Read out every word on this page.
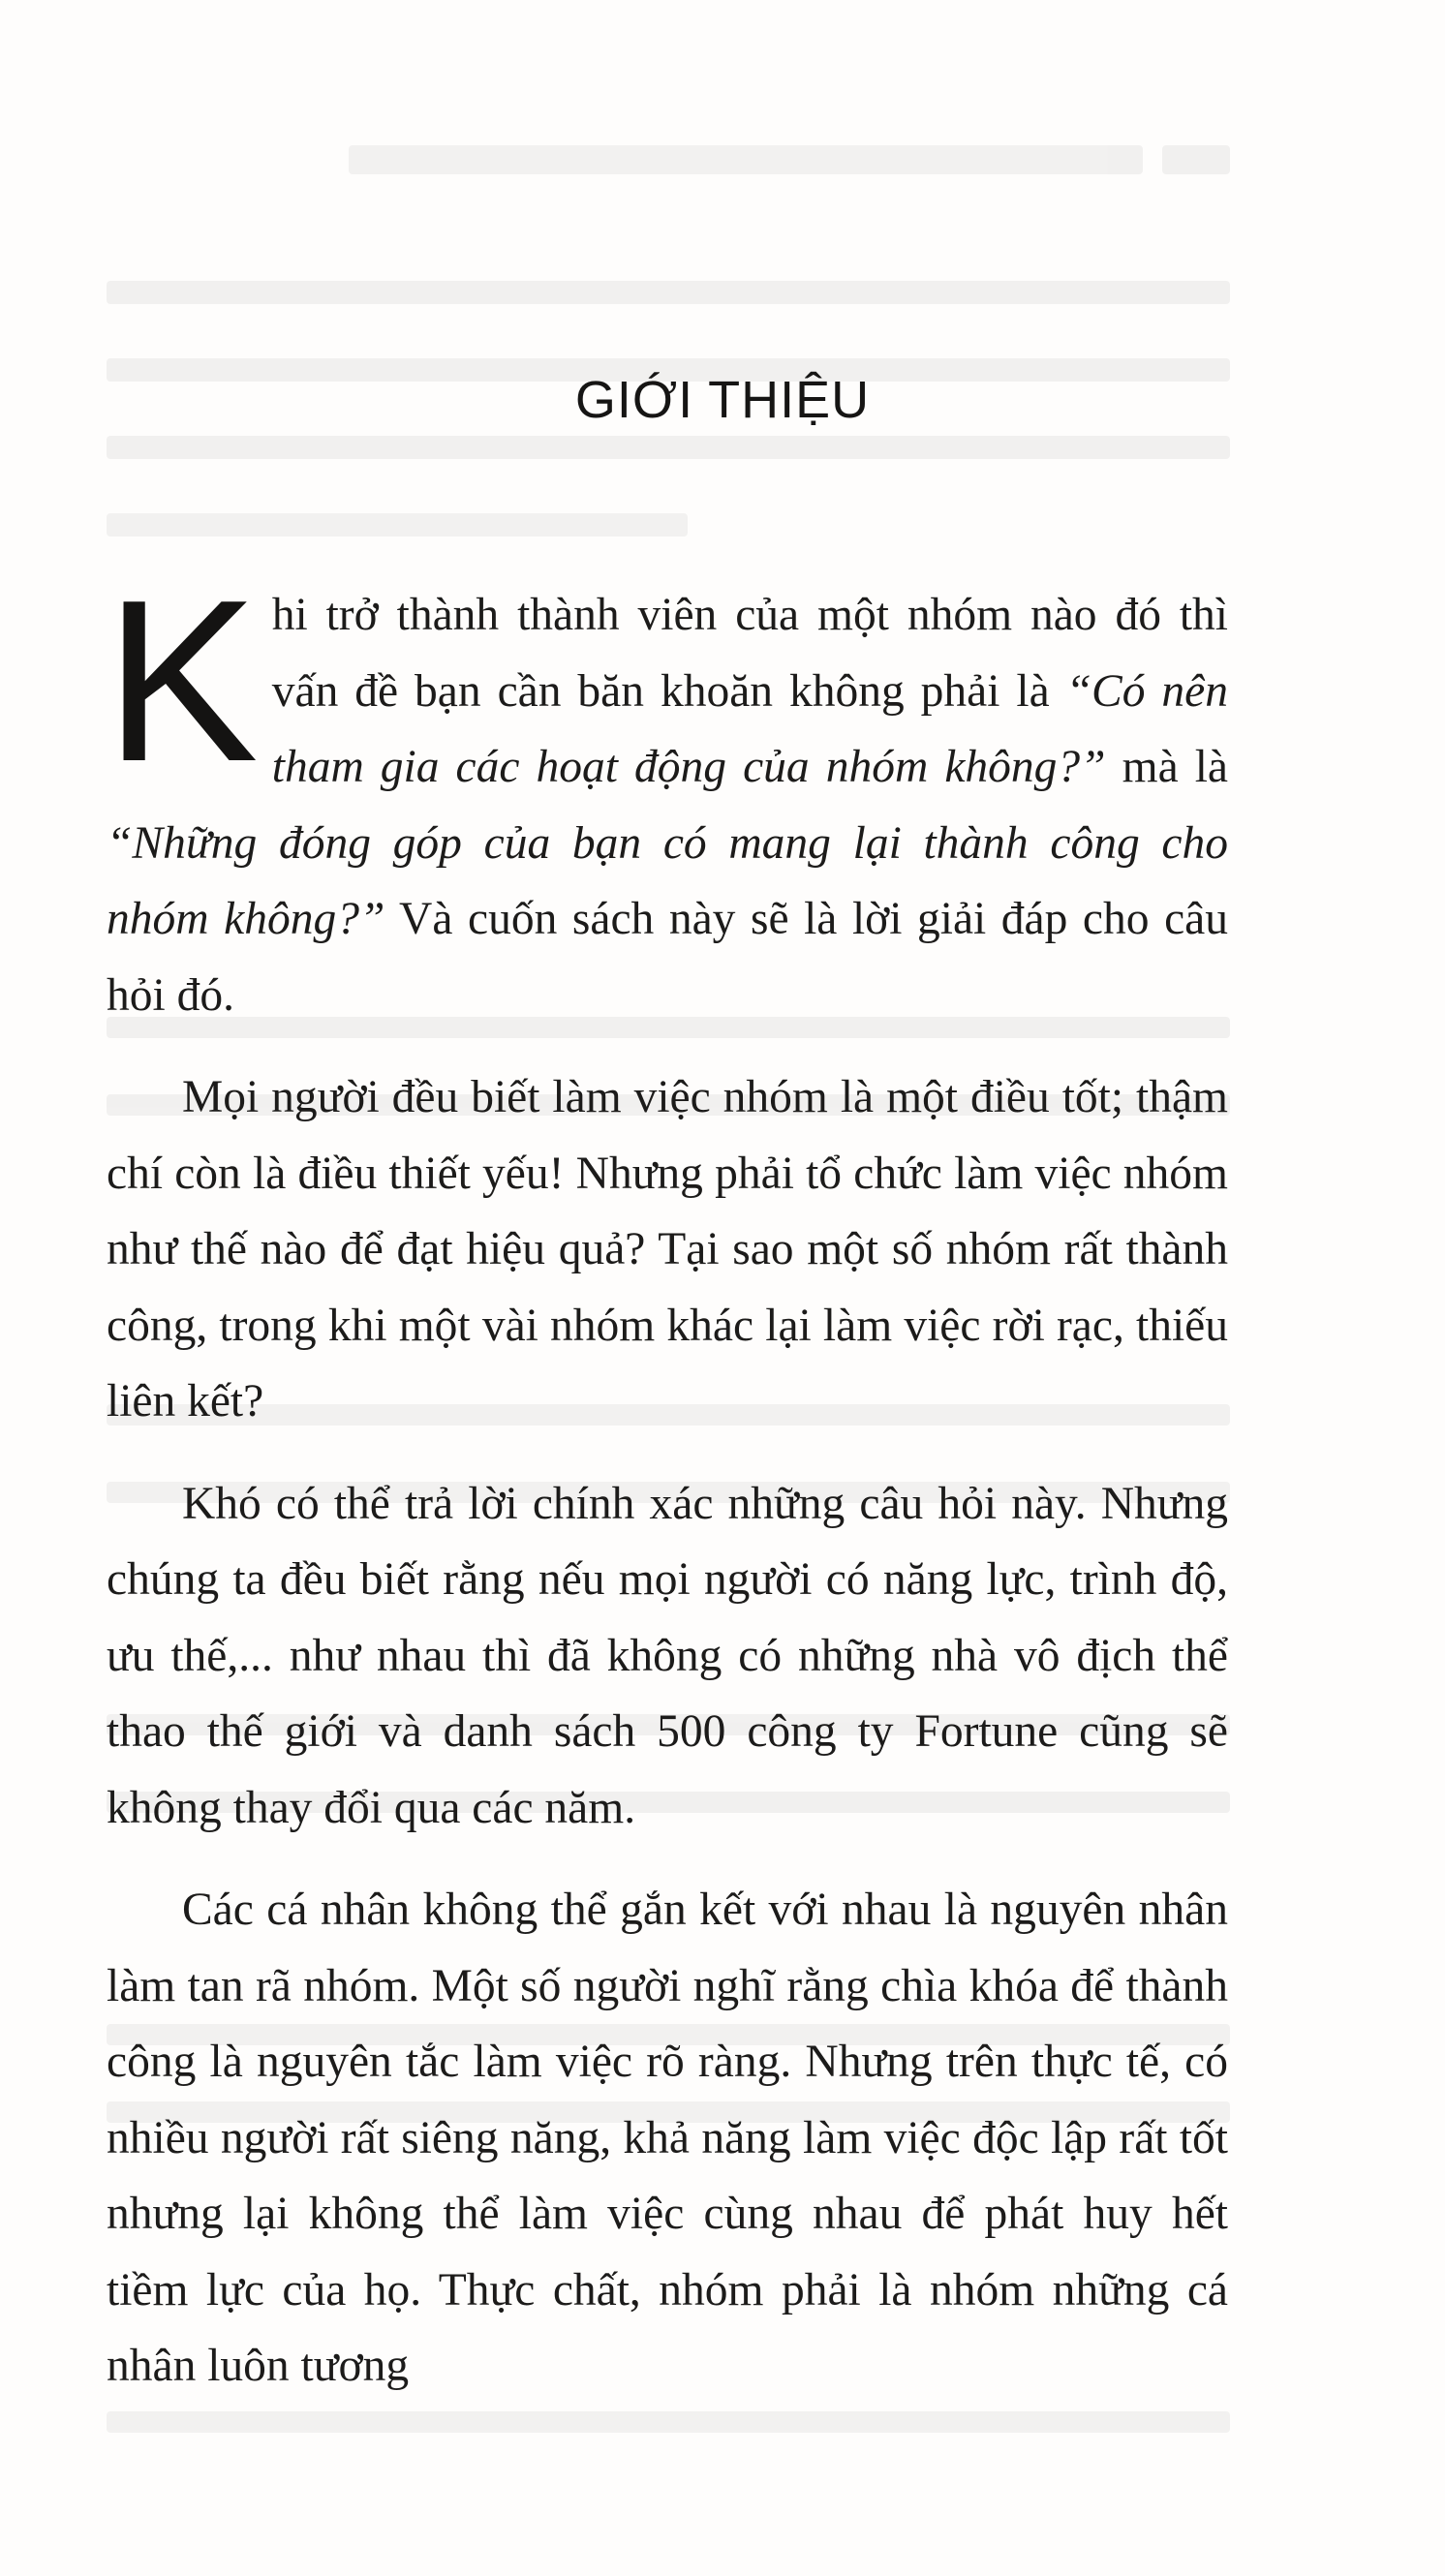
GIỚI THIỆU

K hi trở thành thành viên của một nhóm nào đó thì vấn đề bạn cần băn khoăn không phải là “Có nên tham gia các hoạt động của nhóm không?” mà là “Những đóng góp của bạn có mang lại thành công cho nhóm không?” Và cuốn sách này sẽ là lời giải đáp cho câu hỏi đó.

Mọi người đều biết làm việc nhóm là một điều tốt; thậm chí còn là điều thiết yếu! Nhưng phải tổ chức làm việc nhóm như thế nào để đạt hiệu quả? Tại sao một số nhóm rất thành công, trong khi một vài nhóm khác lại làm việc rời rạc, thiếu liên kết?

Khó có thể trả lời chính xác những câu hỏi này. Nhưng chúng ta đều biết rằng nếu mọi người có năng lực, trình độ, ưu thế,... như nhau thì đã không có những nhà vô địch thể thao thế giới và danh sách 500 công ty Fortune cũng sẽ không thay đổi qua các năm.

Các cá nhân không thể gắn kết với nhau là nguyên nhân làm tan rã nhóm. Một số người nghĩ rằng chìa khóa để thành công là nguyên tắc làm việc rõ ràng. Nhưng trên thực tế, có nhiều người rất siêng năng, khả năng làm việc độc lập rất tốt nhưng lại không thể làm việc cùng nhau để phát huy hết tiềm lực của họ. Thực chất, nhóm phải là nhóm những cá nhân luôn tương
